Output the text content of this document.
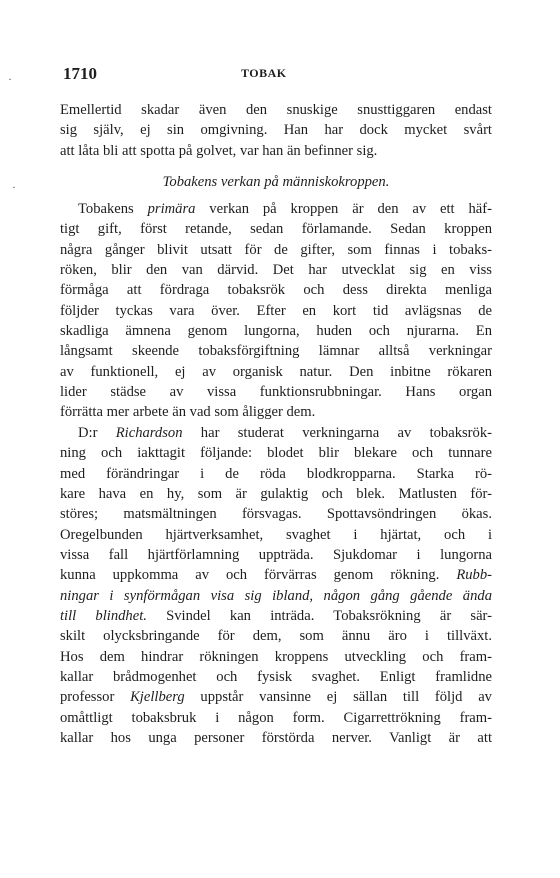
1710	TOBAK
·
·
Emellertid skadar även den snuskige snusttiggaren endast
sig själv, ej sin omgivning. Han har dock mycket svårt
att låta bli att spotta på golvet, var han än befinner sig.
Tobakens verkan på människokroppen.
Tobakens primära verkan på kroppen är den av ett häf-
tigt gift, först retande, sedan förlamande. Sedan kroppen
några gånger blivit utsatt för de gifter, som finnas i tobaks-
röken, blir den van därvid. Det har utvecklat sig en viss
förmåga att fördraga tobaksrök och dess direkta menliga
följder tyckas vara över. Efter en kort tid avlägsnas de
skadliga ämnena genom lungorna, huden och njurarna. En
långsamt skeende tobaksförgiftning lämnar alltså verkningar
av funktionell, ej av organisk natur. Den inbitne rökaren
lider städse av vissa funktionsrubbningar. Hans organ
förrätta mer arbete än vad som åligger dem.
D:r Richardson har studerat verkningarna av tobaksrök-
ning och iakttagit följande: blodet blir blekare och tunnare
med förändringar i de röda blodkropparna. Starka rö-
kare hava en hy, som är gulaktig och blek. Matlusten för-
störes; matsmältningen försvagas. Spottavsöndringen ökas.
Oregelbunden hjärtverksamhet, svaghet i hjärtat, och i
vissa fall hjärtförlamning uppträda. Sjukdomar i lungorna
kunna uppkomma av och förvärras genom rökning. Rubb-
ningar i synförmågan visa sig ibland, någon gång gående ända
till blindhet. Svindel kan inträda. Tobaksrökning är sär-
skilt olycksbringande för dem, som ännu äro i tillväxt.
Hos dem hindrar rökningen kroppens utveckling och fram-
kallar brådmogenhet och fysisk svaghet. Enligt framlidne
professor Kjellberg uppstår vansinne ej sällan till följd av
omåttligt tobaksbruk i någon form. Cigarrettrökning fram-
kallar hos unga personer förstörda nerver. Vanligt är att
